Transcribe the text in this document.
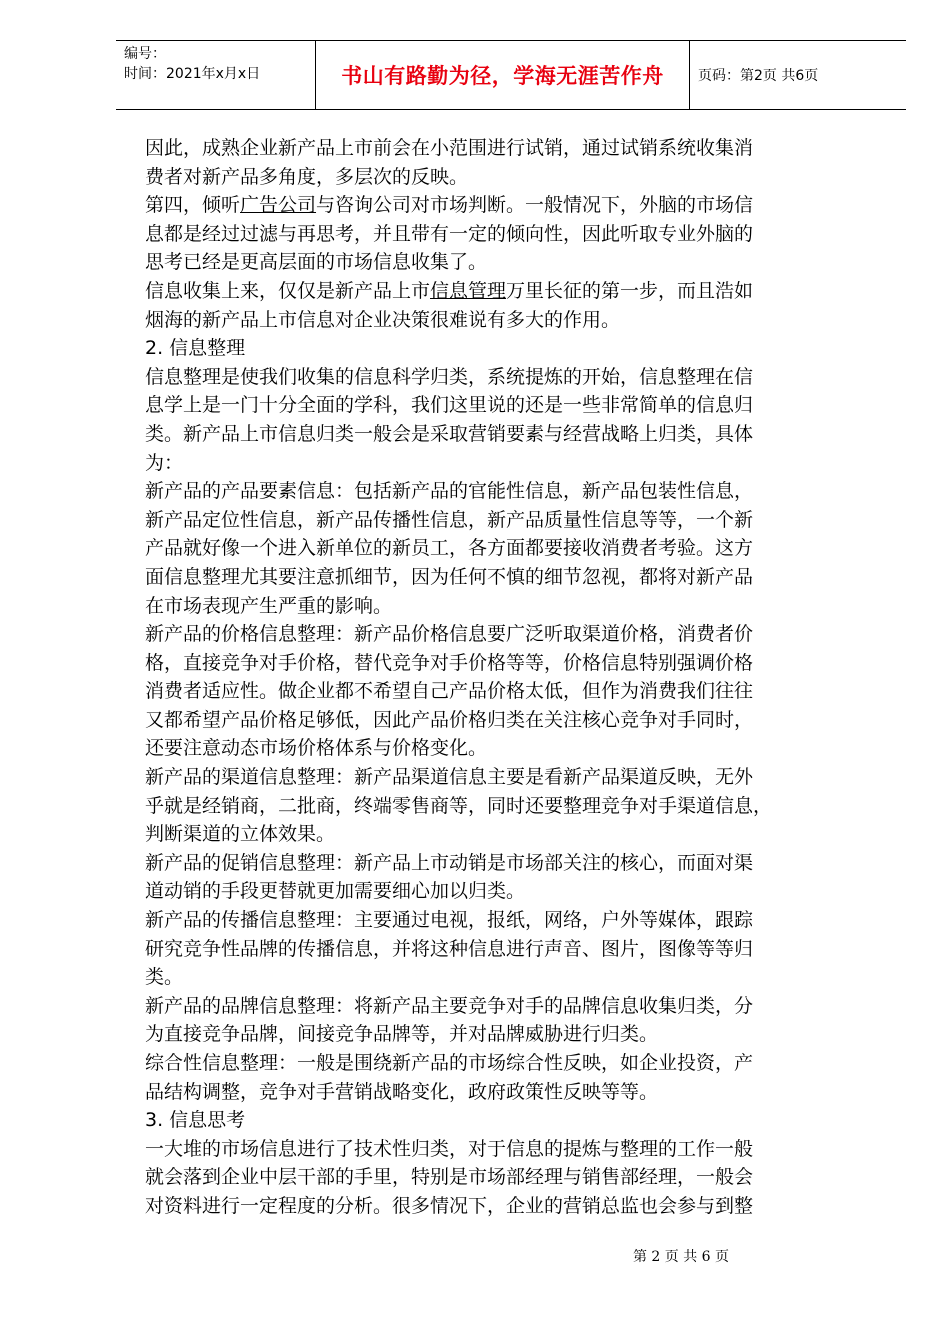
编号：
时间：2021年x月x日	书山有路勤为径，学海无涯苦作舟	页码：第2页 共6页
因此，成熟企业新产品上市前会在小范围进行试销，通过试销系统收集消
费者对新产品多角度，多层次的反映。
第四，倾听广告公司与咨询公司对市场判断。一般情况下，外脑的市场信
息都是经过过滤与再思考，并且带有一定的倾向性，因此听取专业外脑的
思考已经是更高层面的市场信息收集了。
信息收集上来，仅仅是新产品上市信息管理万里长征的第一步，而且浩如
烟海的新产品上市信息对企业决策很难说有多大的作用。
2. 信息整理
信息整理是使我们收集的信息科学归类，系统提炼的开始，信息整理在信
息学上是一门十分全面的学科，我们这里说的还是一些非常简单的信息归
类。新产品上市信息归类一般会是采取营销要素与经营战略上归类，具体
为：
新产品的产品要素信息：包括新产品的官能性信息，新产品包装性信息，
新产品定位性信息，新产品传播性信息，新产品质量性信息等等，一个新
产品就好像一个进入新单位的新员工，各方面都要接收消费者考验。这方
面信息整理尤其要注意抓细节，因为任何不慎的细节忽视，都将对新产品
在市场表现产生严重的影响。
新产品的价格信息整理：新产品价格信息要广泛听取渠道价格，消费者价
格，直接竞争对手价格，替代竞争对手价格等等，价格信息特别强调价格
消费者适应性。做企业都不希望自己产品价格太低，但作为消费我们往往
又都希望产品价格足够低，因此产品价格归类在关注核心竞争对手同时，
还要注意动态市场价格体系与价格变化。
新产品的渠道信息整理：新产品渠道信息主要是看新产品渠道反映，无外
乎就是经销商，二批商，终端零售商等，同时还要整理竞争对手渠道信息，
判断渠道的立体效果。
新产品的促销信息整理：新产品上市动销是市场部关注的核心，而面对渠
道动销的手段更替就更加需要细心加以归类。
新产品的传播信息整理：主要通过电视，报纸，网络，户外等媒体，跟踪
研究竞争性品牌的传播信息，并将这种信息进行声音、图片，图像等等归
类。
新产品的品牌信息整理：将新产品主要竞争对手的品牌信息收集归类，分
为直接竞争品牌，间接竞争品牌等，并对品牌威胁进行归类。
综合性信息整理：一般是围绕新产品的市场综合性反映，如企业投资，产
品结构调整，竞争对手营销战略变化，政府政策性反映等等。
3. 信息思考
一大堆的市场信息进行了技术性归类，对于信息的提炼与整理的工作一般
就会落到企业中层干部的手里，特别是市场部经理与销售部经理，一般会
对资料进行一定程度的分析。很多情况下，企业的营销总监也会参与到整
第 2 页 共 6 页
